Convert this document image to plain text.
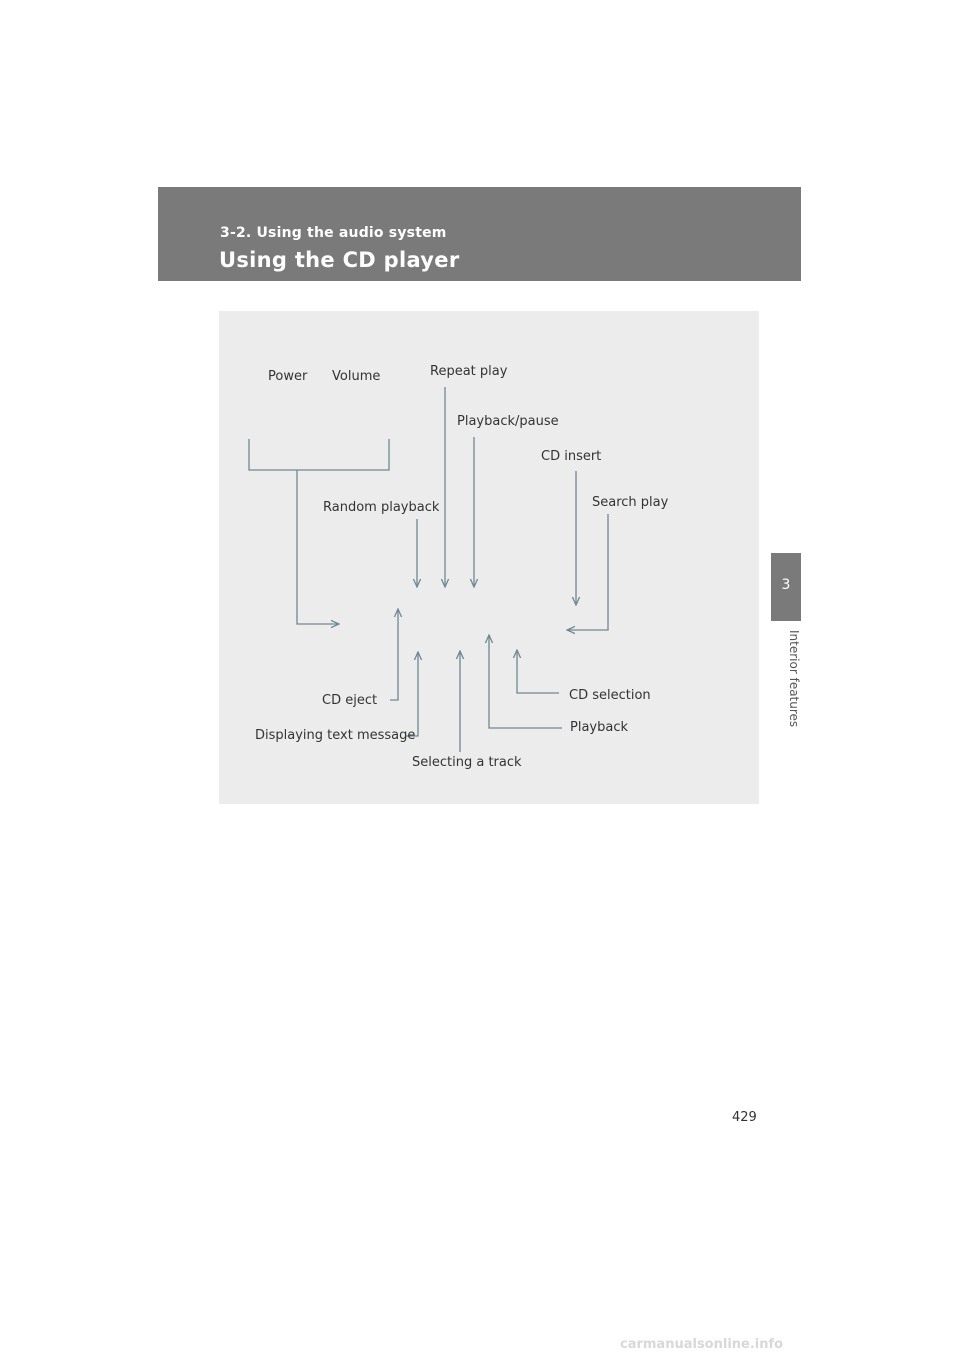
3-2. Using the audio system
Using the CD player
3
Interior features
Power Volume	Repeat play
Playback/pause
CD insert
Search play
Random playback
CD eject
Displaying text message
Selecting a track
Playback
CD selection
429
carmanualsonline.info
